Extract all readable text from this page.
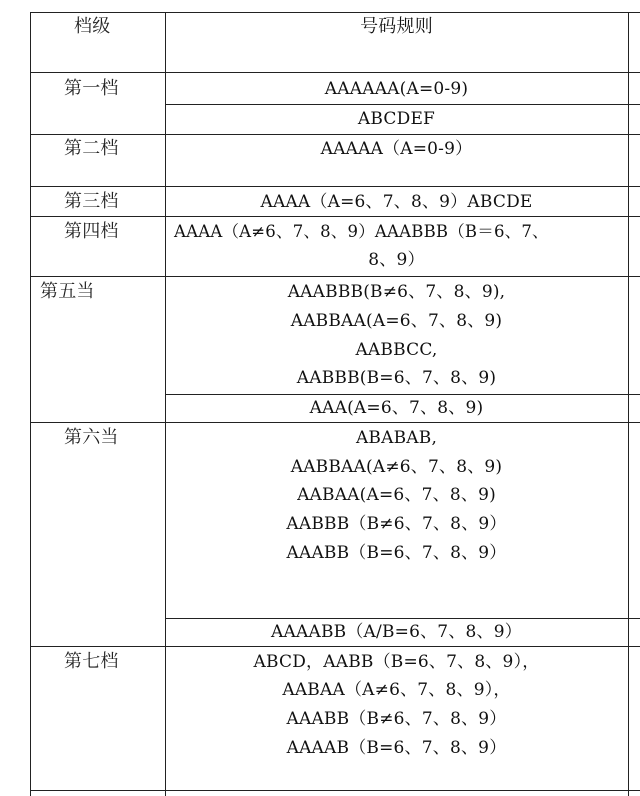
档级	号码规则
第一档	AAAAAA(A=0-9)
ABCDEF
第二档	AAAAA（A=0-9）
第三档	AAAA（A=6、7、8、9）ABCDE
第四档	AAAA（A≠6、7、8、9）AAABBB（B＝6、7、
8、9）
第五当	AAABBB(B≠6、7、8、9),
AABBAA(A=6、7、8、9)
AABBCC,
AABBB(B=6、7、8、9)
AAA(A=6、7、8、9)
第六当	ABABAB,
AABBAA(A≠6、7、8、9)
AABAA(A=6、7、8、9)
AABBB（B≠6、7、8、9）
AAABB（B=6、7、8、9）
AAAABB（A/B=6、7、8、9）
第七档	ABCD，AABB（B=6、7、8、9），
AABAA（A≠6、7、8、9），
AAABB（B≠6、7、8、9）
AAAAB（B=6、7、8、9）
